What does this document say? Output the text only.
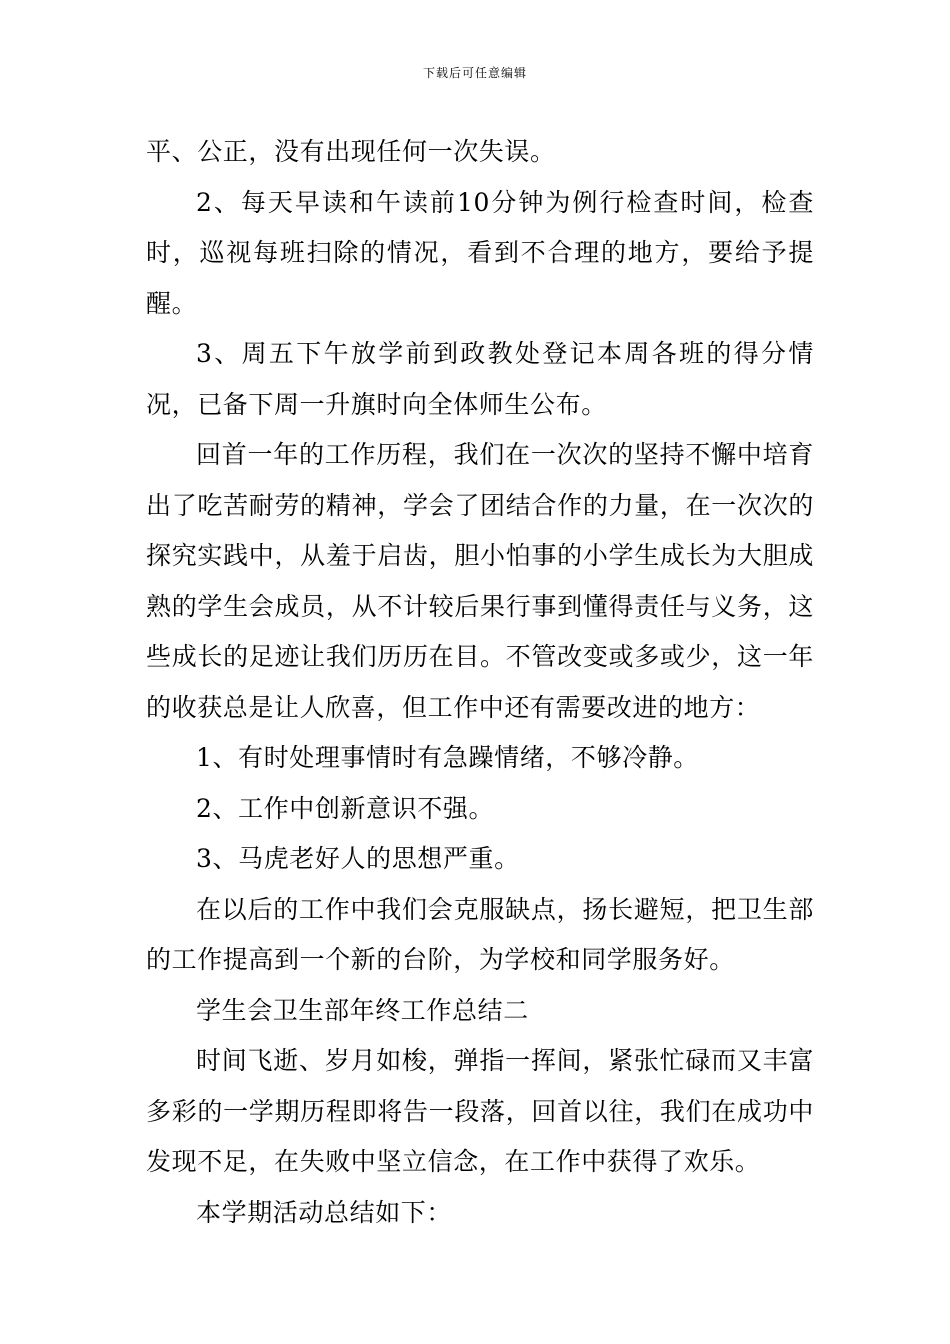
下载后可任意编辑

平、公正，没有出现任何一次失误。

2、每天早读和午读前10分钟为例行检查时间，检查时，巡视每班扫除的情况，看到不合理的地方，要给予提醒。

3、周五下午放学前到政教处登记本周各班的得分情况，已备下周一升旗时向全体师生公布。

回首一年的工作历程，我们在一次次的坚持不懈中培育出了吃苦耐劳的精神，学会了团结合作的力量，在一次次的探究实践中，从羞于启齿，胆小怕事的小学生成长为大胆成熟的学生会成员，从不计较后果行事到懂得责任与义务，这些成长的足迹让我们历历在目。不管改变或多或少，这一年的收获总是让人欣喜，但工作中还有需要改进的地方：

1、有时处理事情时有急躁情绪，不够冷静。

2、工作中创新意识不强。

3、马虎老好人的思想严重。

在以后的工作中我们会克服缺点，扬长避短，把卫生部的工作提高到一个新的台阶，为学校和同学服务好。

学生会卫生部年终工作总结二

时间飞逝、岁月如梭，弹指一挥间，紧张忙碌而又丰富多彩的一学期历程即将告一段落，回首以往，我们在成功中发现不足，在失败中坚立信念，在工作中获得了欢乐。

本学期活动总结如下：
